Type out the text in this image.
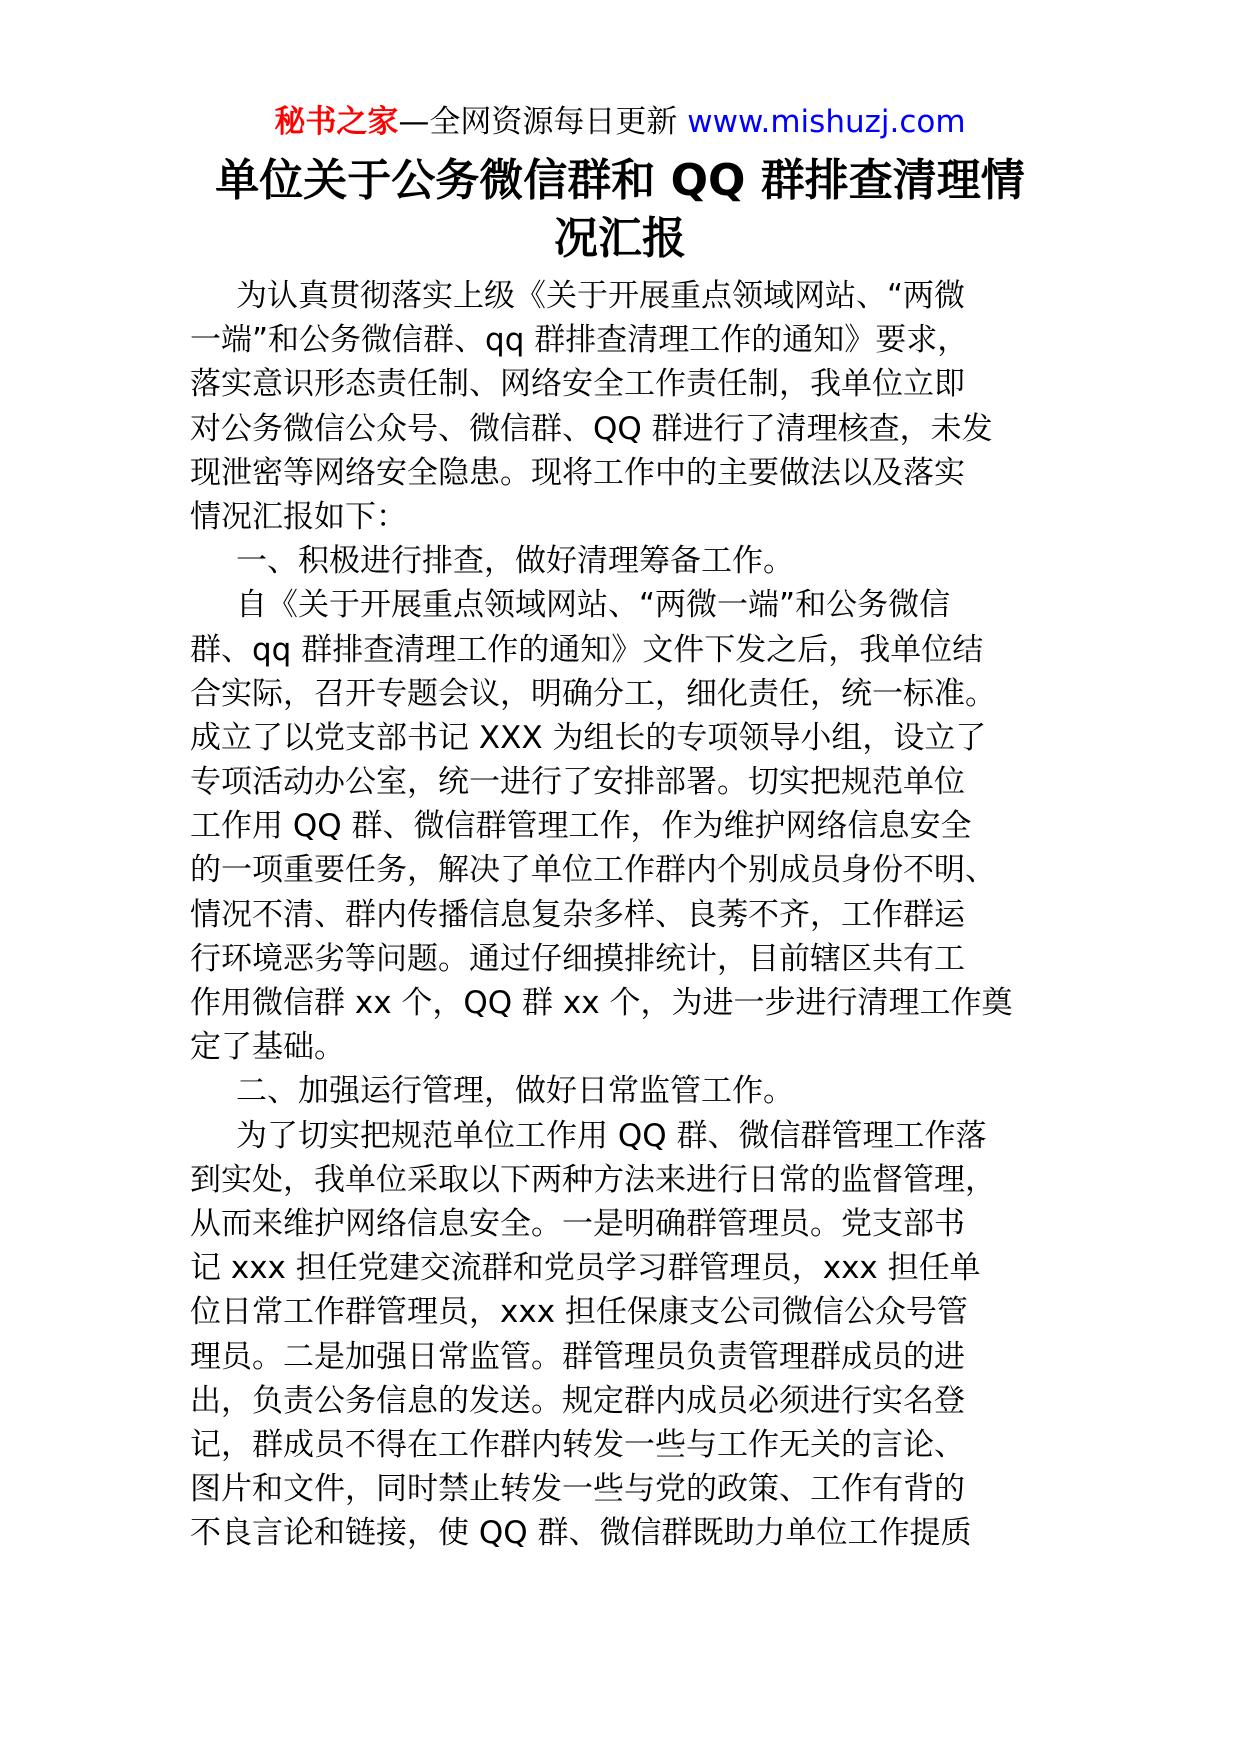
秘书之家—全网资源每日更新 www.mishuzj.com
单位关于公务微信群和 QQ 群排查清理情
况汇报
为认真贯彻落实上级《关于开展重点领域网站、“两微
一端”和公务微信群、qq 群排查清理工作的通知》要求，
落实意识形态责任制、网络安全工作责任制，我单位立即
对公务微信公众号、微信群、QQ 群进行了清理核查，未发
现泄密等网络安全隐患。现将工作中的主要做法以及落实
情况汇报如下：
一、积极进行排查，做好清理筹备工作。
自《关于开展重点领域网站、“两微一端”和公务微信
群、qq 群排查清理工作的通知》文件下发之后，我单位结
合实际，召开专题会议，明确分工，细化责任，统一标准。
成立了以党支部书记 XXX 为组长的专项领导小组，设立了
专项活动办公室，统一进行了安排部署。切实把规范单位
工作用 QQ 群、微信群管理工作，作为维护网络信息安全
的一项重要任务，解决了单位工作群内个别成员身份不明、
情况不清、群内传播信息复杂多样、良莠不齐，工作群运
行环境恶劣等问题。通过仔细摸排统计，目前辖区共有工
作用微信群 xx 个，QQ 群 xx 个，为进一步进行清理工作奠
定了基础。
二、加强运行管理，做好日常监管工作。
为了切实把规范单位工作用 QQ 群、微信群管理工作落
到实处，我单位采取以下两种方法来进行日常的监督管理，
从而来维护网络信息安全。一是明确群管理员。党支部书
记 xxx 担任党建交流群和党员学习群管理员，xxx 担任单
位日常工作群管理员，xxx 担任保康支公司微信公众号管
理员。二是加强日常监管。群管理员负责管理群成员的进
出，负责公务信息的发送。规定群内成员必须进行实名登
记，群成员不得在工作群内转发一些与工作无关的言论、
图片和文件，同时禁止转发一些与党的政策、工作有背的
不良言论和链接，使 QQ 群、微信群既助力单位工作提质
